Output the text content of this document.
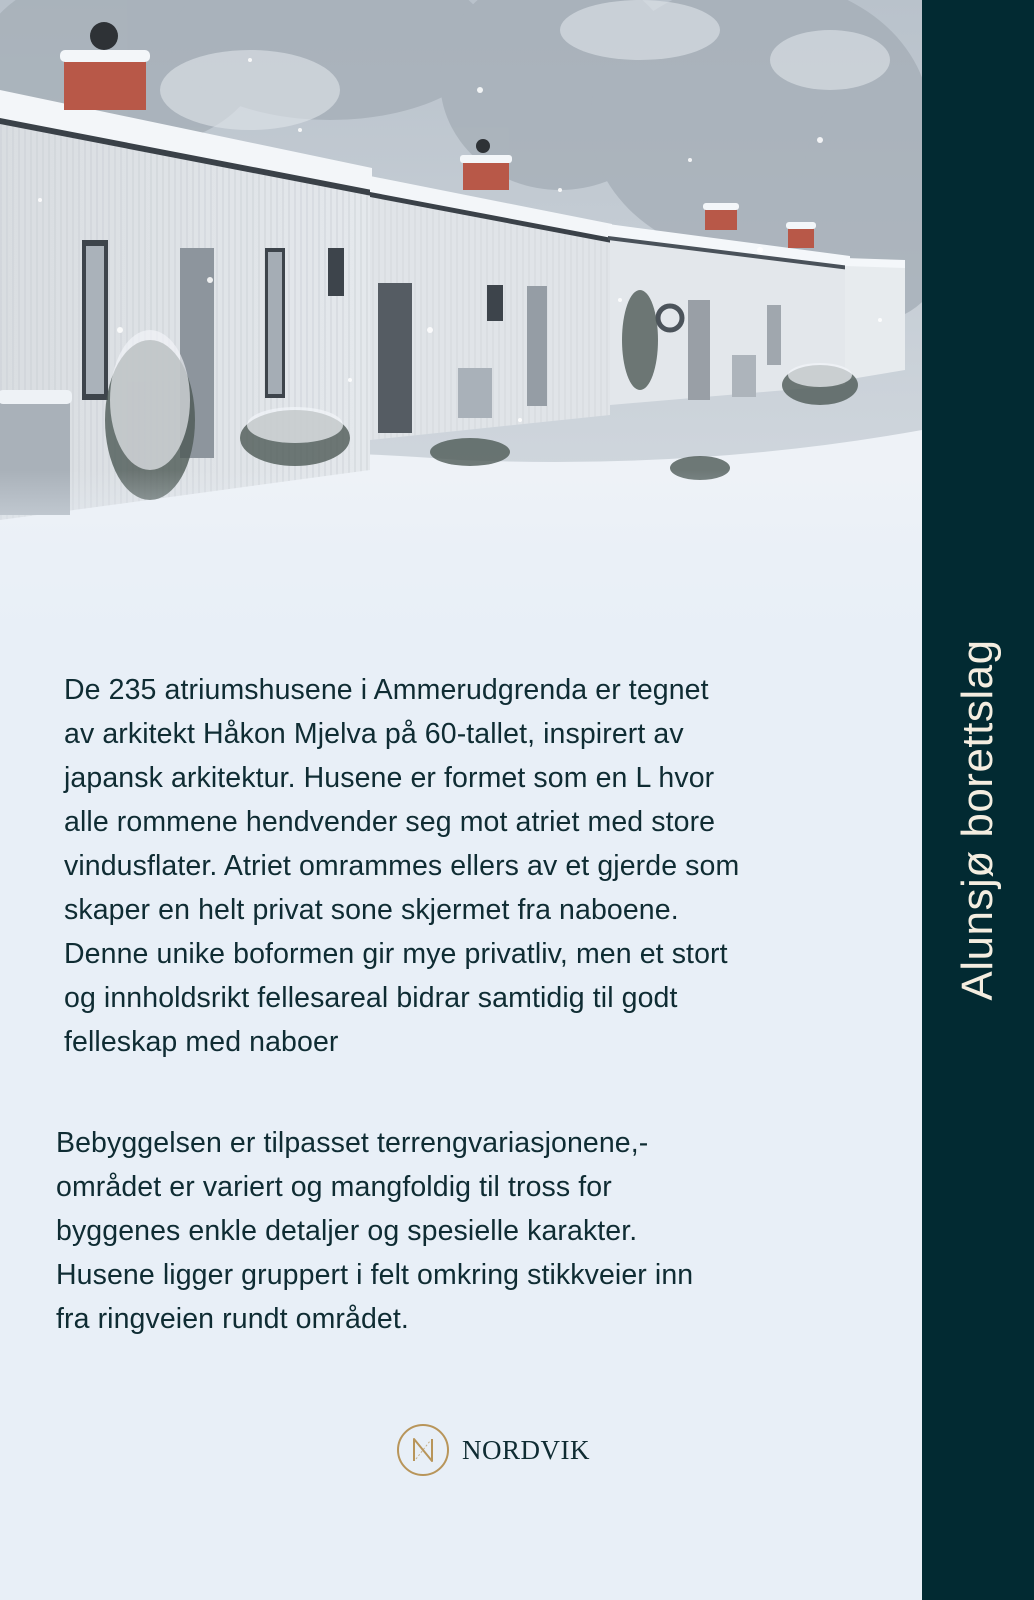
De 235 atriumshusene i Ammerudgrenda er tegnet
av arkitekt Håkon Mjelva på 60-tallet, inspirert av
japansk arkitektur. Husene er formet som en L hvor
alle rommene hendvender seg mot atriet med store
vindusflater. Atriet omrammes ellers av et gjerde som
skaper en helt privat sone skjermet fra naboene.
Denne unike boformen gir mye privatliv, men et stort
og innholdsrikt fellesareal bidrar samtidig til godt
felleskap med naboer
Bebyggelsen er tilpasset terrengvariasjonene,-
området er variert og mangfoldig til tross for
byggenes enkle detaljer og spesielle karakter.
Husene ligger gruppert i felt omkring stikkveier inn
fra ringveien rundt området.
NORDVIK
Alunsjø borettslag
